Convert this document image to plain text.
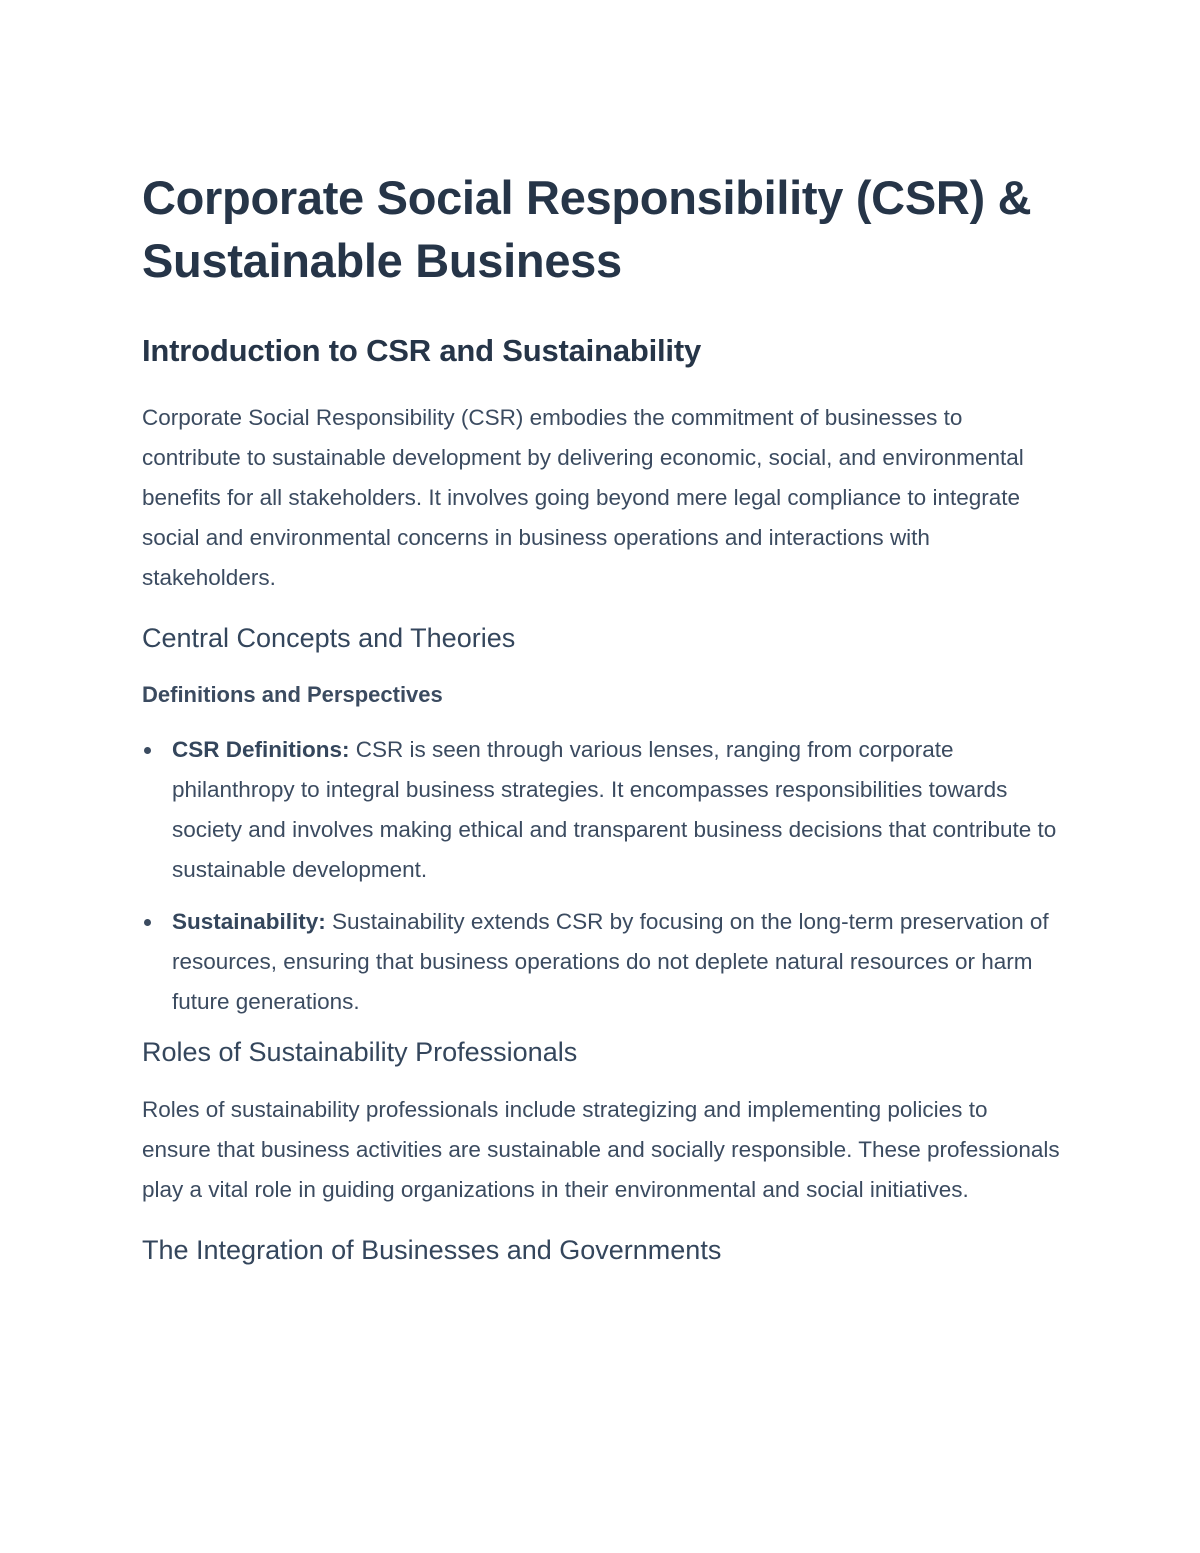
Corporate Social Responsibility (CSR) & Sustainable Business
Introduction to CSR and Sustainability

Corporate Social Responsibility (CSR) embodies the commitment of businesses to contribute to sustainable development by delivering economic, social, and environmental benefits for all stakeholders. It involves going beyond mere legal compliance to integrate social and environmental concerns in business operations and interactions with stakeholders.

Central Concepts and Theories
Definitions and Perspectives
CSR Definitions: CSR is seen through various lenses, ranging from corporate philanthropy to integral business strategies. It encompasses responsibilities towards society and involves making ethical and transparent business decisions that contribute to sustainable development.
Sustainability: Sustainability extends CSR by focusing on the long-term preservation of resources, ensuring that business operations do not deplete natural resources or harm future generations.
Roles of Sustainability Professionals

Roles of sustainability professionals include strategizing and implementing policies to ensure that business activities are sustainable and socially responsible. These professionals play a vital role in guiding organizations in their environmental and social initiatives.

The Integration of Businesses and Governments
